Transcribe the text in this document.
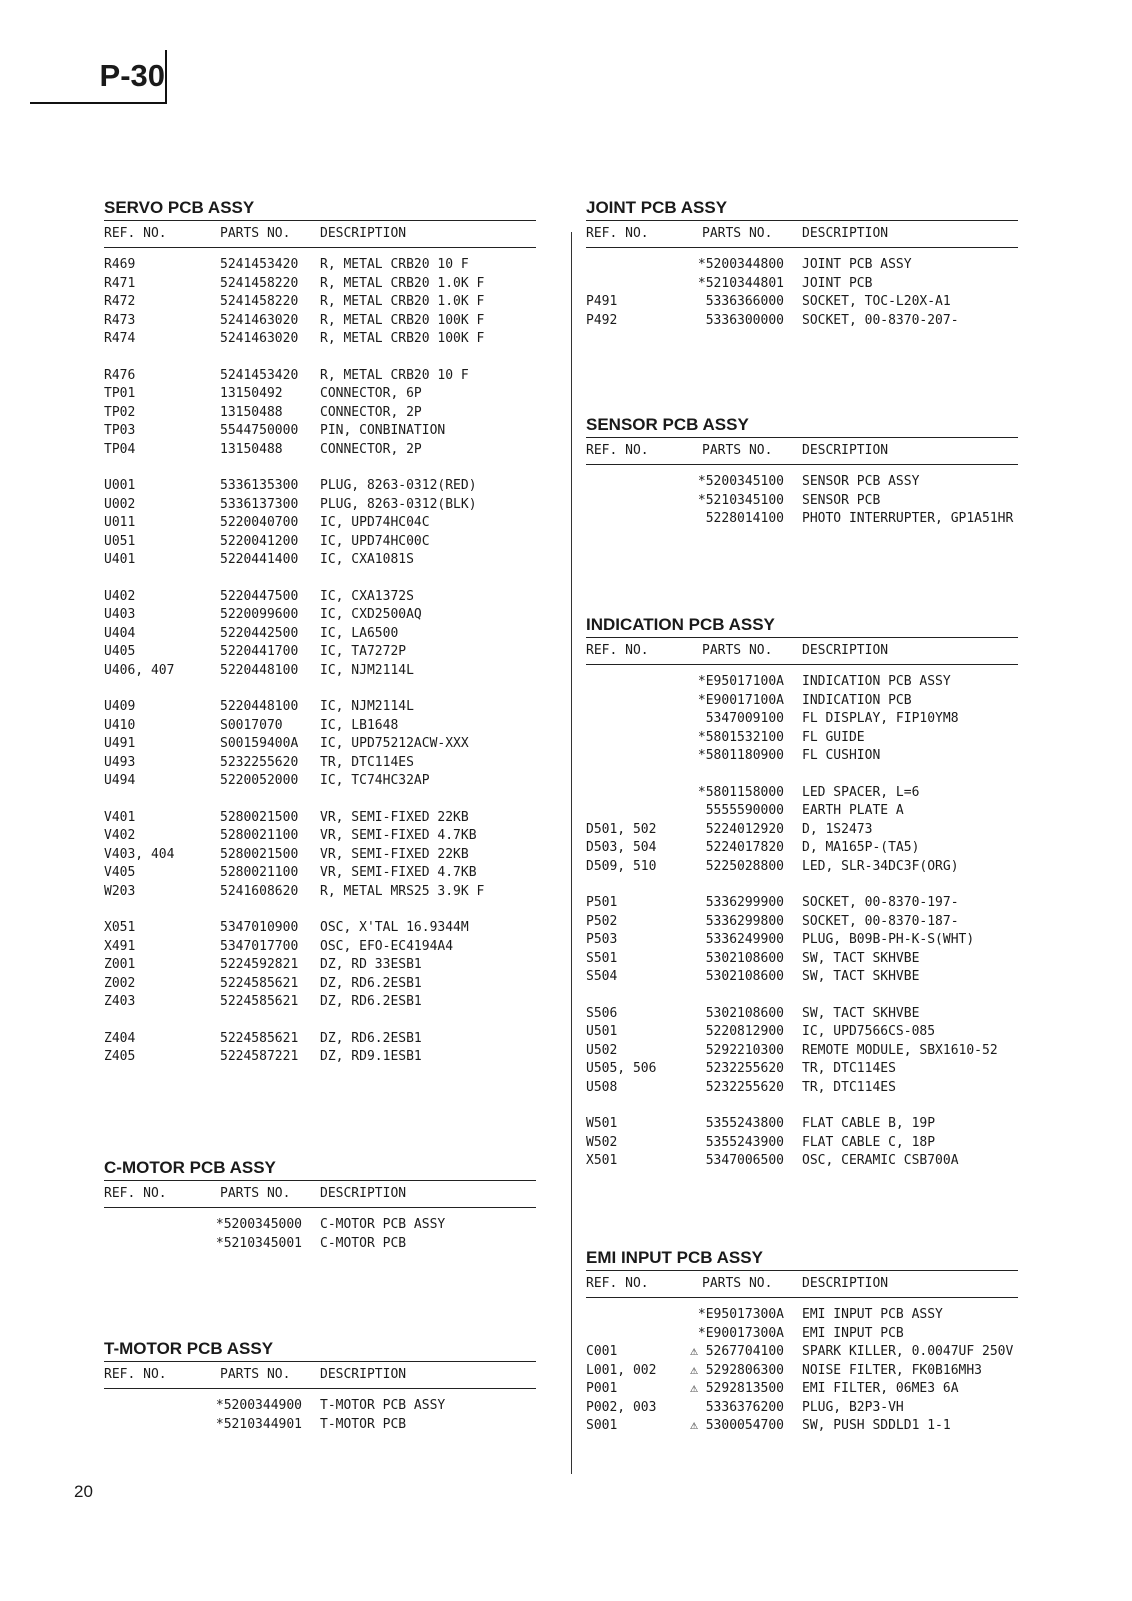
P-30
SERVO PCB ASSY
REF. NO.	PARTS NO. DESCRIPTION
R469	5241453420 R, METAL CRB20 10 F
R471	5241458220 R, METAL CRB20 1.0K F
R472	5241458220 R, METAL CRB20 1.0K F
R473	5241463020 R, METAL CRB20 100K F
R474	5241463020 R, METAL CRB20 100K F
R476	5241453420 R, METAL CRB20 10 F
TP01	13150492	CONNECTOR, 6P
TP02	13150488	CONNECTOR, 2P
TP03	5544750000 PIN, CONBINATION
TP04	13150488	CONNECTOR, 2P
U001	5336135300 PLUG, 8263-0312(RED)
U002	5336137300 PLUG, 8263-0312(BLK)
U011	5220040700 IC, UPD74HC04C
U051	5220041200 IC, UPD74HC00C
U401	5220441400 IC, CXA1081S
U402	5220447500 IC, CXA1372S
U403	5220099600 IC, CXD2500AQ
U404	5220442500 IC, LA6500
U405	5220441700 IC, TA7272P
U406, 407	5220448100 IC, NJM2114L
U409	5220448100 IC, NJM2114L
U410	S0017070	IC, LB1648
U491	S00159400A IC, UPD75212ACW-XXX
U493	5232255620 TR, DTC114ES
U494	5220052000 IC, TC74HC32AP
V401	5280021500 VR, SEMI-FIXED 22KB
V402	5280021100 VR, SEMI-FIXED 4.7KB
V403, 404	5280021500 VR, SEMI-FIXED 22KB
V405	5280021100 VR, SEMI-FIXED 4.7KB
W203	5241608620 R, METAL MRS25 3.9K F
X051	5347010900 OSC, X'TAL 16.9344M
X491	5347017700 OSC, EFO-EC4194A4
Z001	5224592821 DZ, RD 33ESB1
Z002	5224585621 DZ, RD6.2ESB1
Z403	5224585621 DZ, RD6.2ESB1
Z404	5224585621 DZ, RD6.2ESB1
Z405	5224587221 DZ, RD9.1ESB1
C-MOTOR PCB ASSY
REF. NO.	PARTS NO. DESCRIPTION
*5200345000 C-MOTOR PCB ASSY
*5210345001 C-MOTOR PCB
T-MOTOR PCB ASSY
REF. NO.	PARTS NO. DESCRIPTION
*5200344900 T-MOTOR PCB ASSY
*5210344901 T-MOTOR PCB
JOINT PCB ASSY
REF. NO.	PARTS NO. DESCRIPTION
*5200344800 JOINT PCB ASSY
*5210344801 JOINT PCB
P491	5336366000 SOCKET, TOC-L20X-A1
P492	5336300000 SOCKET, 00-8370-207-
SENSOR PCB ASSY
REF. NO.	PARTS NO. DESCRIPTION
*5200345100 SENSOR PCB ASSY
*5210345100 SENSOR PCB
5228014100 PHOTO INTERRUPTER, GP1A51HR
INDICATION PCB ASSY
REF. NO.	PARTS NO. DESCRIPTION
*E95017100A INDICATION PCB ASSY
*E90017100A INDICATION PCB
5347009100 FL DISPLAY, FIP10YM8
*5801532100 FL GUIDE
*5801180900 FL CUSHION
*5801158000 LED SPACER, L=6
5555590000 EARTH PLATE A
D501, 502	5224012920 D, 1S2473
D503, 504	5224017820 D, MA165P-(TA5)
D509, 510	5225028800 LED, SLR-34DC3F(ORG)
P501	5336299900 SOCKET, 00-8370-197-
P502	5336299800 SOCKET, 00-8370-187-
P503	5336249900 PLUG, B09B-PH-K-S(WHT)
S501	5302108600 SW, TACT SKHVBE
S504	5302108600 SW, TACT SKHVBE
S506	5302108600 SW, TACT SKHVBE
U501	5220812900 IC, UPD7566CS-085
U502	5292210300 REMOTE MODULE, SBX1610-52
U505, 506	5232255620 TR, DTC114ES
U508	5232255620 TR, DTC114ES
W501	5355243800 FLAT CABLE B, 19P
W502	5355243900 FLAT CABLE C, 18P
X501	5347006500 OSC, CERAMIC CSB700A
EMI INPUT PCB ASSY
REF. NO.	PARTS NO. DESCRIPTION
*E95017300A EMI INPUT PCB ASSY
*E90017300A EMI INPUT PCB
C001	⚠ 5267704100 SPARK KILLER, 0.0047UF 250V
L001, 002	⚠ 5292806300 NOISE FILTER, FK0B16MH3
P001	⚠ 5292813500 EMI FILTER, 06ME3 6A
P002, 003	5336376200 PLUG, B2P3-VH
S001	⚠ 5300054700 SW, PUSH SDDLD1 1-1
20
